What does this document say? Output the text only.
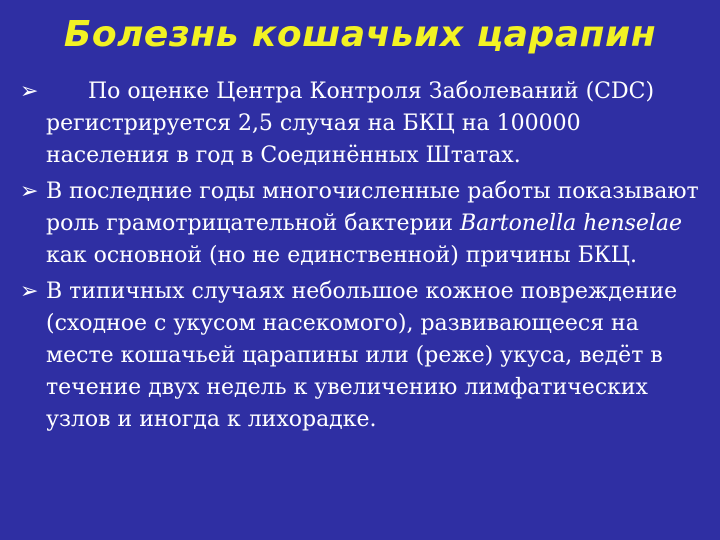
Болезнь кошачьих царапин
➢ По оценке Центра Контроля Заболеваний (CDC) регистрируется 2,5 случая на БКЦ на 100000 населения в год в Соединённых Штатах.
➢ В последние годы многочисленные работы показывают роль грамотрицательной бактерии Bartonella henselae как основной (но не единственной) причины БКЦ.
➢ В типичных случаях небольшое кожное повреждение (сходное с укусом насекомого), развивающееся на месте кошачьей царапины или (реже) укуса, ведёт в течение двух недель к увеличению лимфатических узлов и иногда к лихорадке.
